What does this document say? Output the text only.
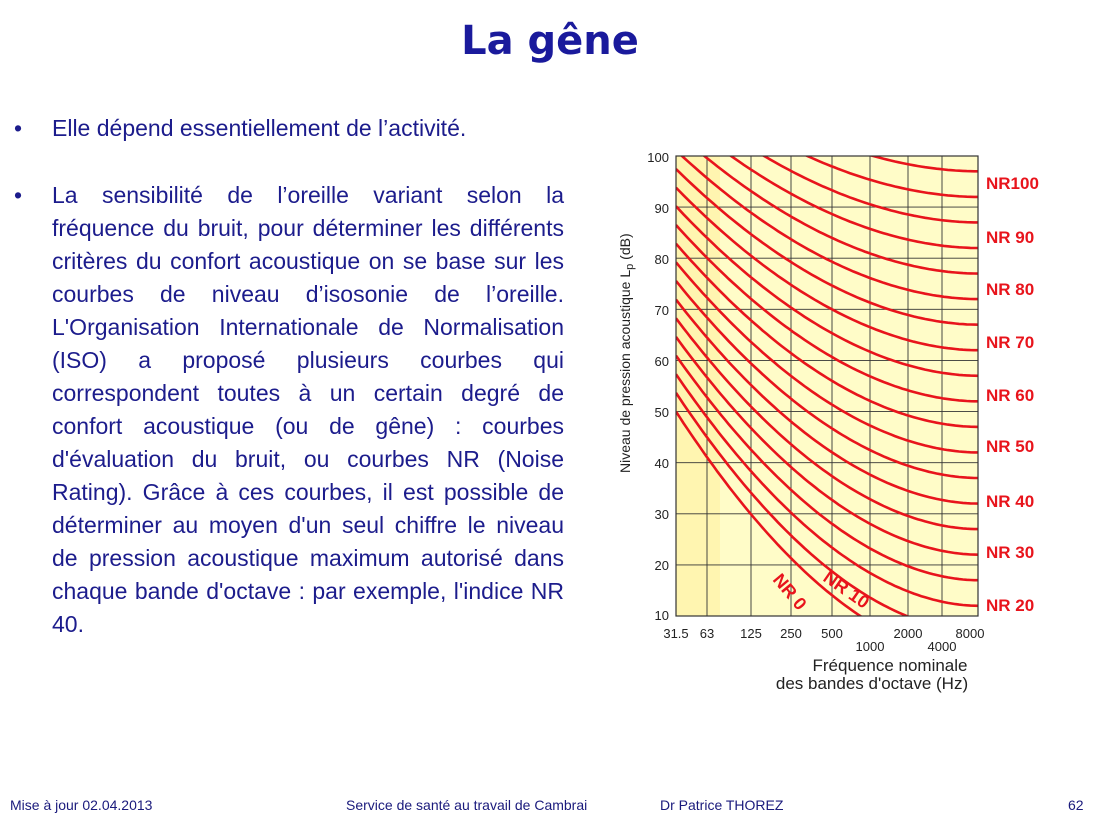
La gêne
•	Elle dépend essentiellement de l’activité.
•	La sensibilité de l’oreille variant selon la fréquence du bruit, pour déterminer les différents critères du confort acoustique on se base sur les courbes de niveau d’isosonie de l’oreille. L'Organisation Internationale de Normalisation (ISO) a proposé plusieurs courbes qui correspondent toutes à un certain degré de confort acoustique (ou de gêne) : courbes d'évaluation du bruit, ou courbes NR (Noise Rating). Grâce à ces courbes, il est possible de déterminer au moyen d'un seul chiffre le niveau de pression acoustique maximum autorisé dans chaque bande d'octave : par exemple, l'indice NR 40.
100
90
80
70
60
50
40
30
20
10
31.5 63 125 250 500	2000	8000
1000	4000
Niveau de pression acoustique $L_p$ (dB)
Fréquence nominale
des bandes d'octave (Hz)
NR100
NR 90
NR 80
NR 70
NR 60
NR 50
NR 40
NR 30
NR 20
NR 0 NR 10
Mise à jour 02.04.2013	Service de santé au travail de Cambrai	Dr Patrice THOREZ	62
